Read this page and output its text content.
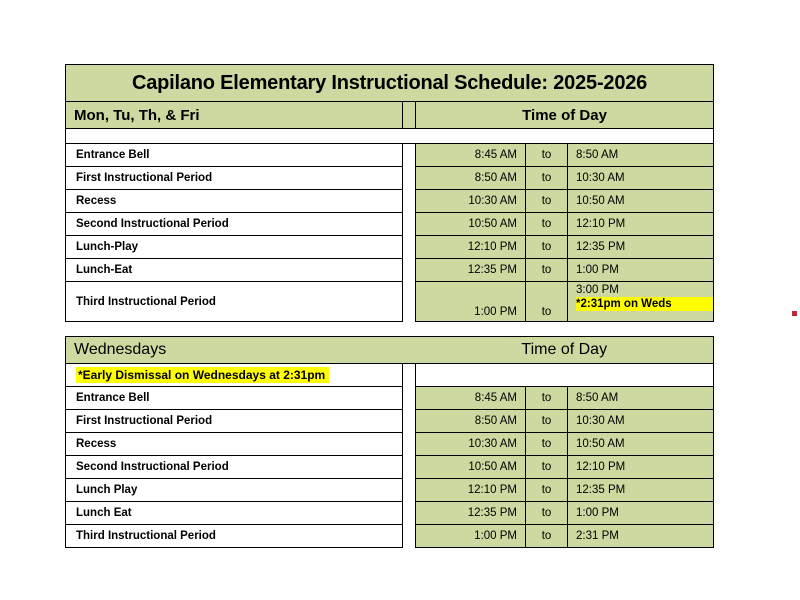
Capilano Elementary Instructional Schedule: 2025-2026				
Mon, Tu, Th, & Fri		Time of Day		

Entrance Bell		8:45 AM	to	8:50 AM
First Instructional Period		8:50 AM	to	10:30 AM
Recess		10:30 AM	to	10:50 AM
Second Instructional Period		10:50 AM	to	12:10 PM
Lunch-Play		12:10 PM	to	12:35 PM
Lunch-Eat		12:35 PM	to	1:00 PM
Third Instructional Period		1:00 PM	to	3:00 PM
*2:31pm on Weds
Wednesdays		Time of Day		
*Early Dismissal on Wednesdays at 2:31pm				
Entrance Bell		8:45 AM	to	8:50 AM
First Instructional Period		8:50 AM	to	10:30 AM
Recess		10:30 AM	to	10:50 AM
Second Instructional Period		10:50 AM	to	12:10 PM
Lunch Play		12:10 PM	to	12:35 PM
Lunch Eat		12:35 PM	to	1:00 PM
Third Instructional Period		1:00 PM	to	2:31 PM
